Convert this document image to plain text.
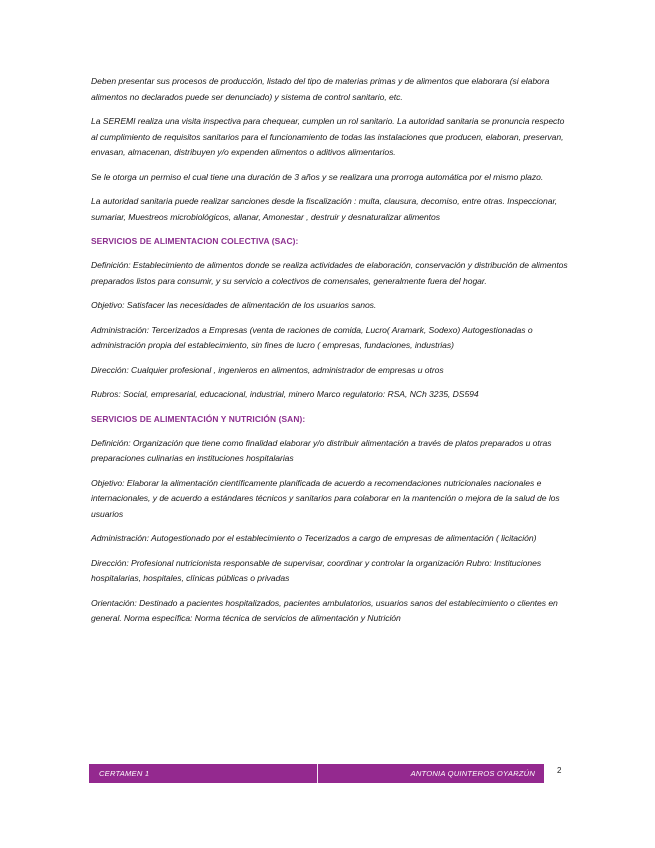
Deben presentar sus procesos de producción, listado del tipo de materias primas y de alimentos que elaborara (si elabora alimentos no declarados puede ser denunciado) y sistema de control sanitario, etc.

La SEREMI realiza una visita inspectiva para chequear, cumplen un rol sanitario. La autoridad sanitaria se pronuncia respecto al cumplimiento de requisitos sanitarios para el funcionamiento de todas las instalaciones que producen, elaboran, preservan, envasan, almacenan, distribuyen y/o expenden alimentos o aditivos alimentarios.

Se le otorga un permiso el cual tiene una duración de 3 años y se realizara una prorroga automática por el mismo plazo.

La autoridad sanitaria puede realizar sanciones desde la fiscalización : multa, clausura, decomiso, entre otras. Inspeccionar, sumariar, Muestreos microbiológicos, allanar, Amonestar , destruir y desnaturalizar alimentos

SERVICIOS DE ALIMENTACION COLECTIVA (SAC):

Definición: Establecimiento de alimentos donde se realiza actividades de elaboración, conservación y distribución de alimentos preparados listos para consumir, y su servicio a colectivos de comensales, generalmente fuera del hogar.

Objetivo: Satisfacer las necesidades de alimentación de los usuarios sanos.

Administración: Tercerizados a Empresas (venta de raciones de comida, Lucro( Aramark, Sodexo) Autogestionadas o administración propia del establecimiento, sin fines de lucro ( empresas, fundaciones, industrias)

Dirección: Cualquier profesional , ingenieros en alimentos, administrador de empresas u otros

Rubros: Social, empresarial, educacional, industrial, minero Marco regulatorio: RSA, NCh 3235, DS594

SERVICIOS DE ALIMENTACIÓN Y NUTRICIÓN (SAN):

Definición: Organización que tiene como finalidad elaborar y/o distribuir alimentación a través de platos preparados u otras preparaciones culinarias en instituciones hospitalarias

Objetivo: Elaborar la alimentación científicamente planificada de acuerdo a recomendaciones nutricionales nacionales e internacionales, y de acuerdo a estándares técnicos y sanitarios para colaborar en la mantención o mejora de la salud de los usuarios

Administración: Autogestionado por el establecimiento o Tecerizados a cargo de empresas de alimentación ( licitación)

Dirección: Profesional nutricionista responsable de supervisar, coordinar y controlar la organización Rubro: Instituciones hospitalarias, hospitales, clínicas públicas o privadas

Orientación: Destinado a pacientes hospitalizados, pacientes ambulatorios, usuarios sanos del establecimiento o clientes en general. Norma específica: Norma técnica de servicios de alimentación y Nutrición

CERTAMEN 1	ANTONIA QUINTEROS OYARZÚN	2
